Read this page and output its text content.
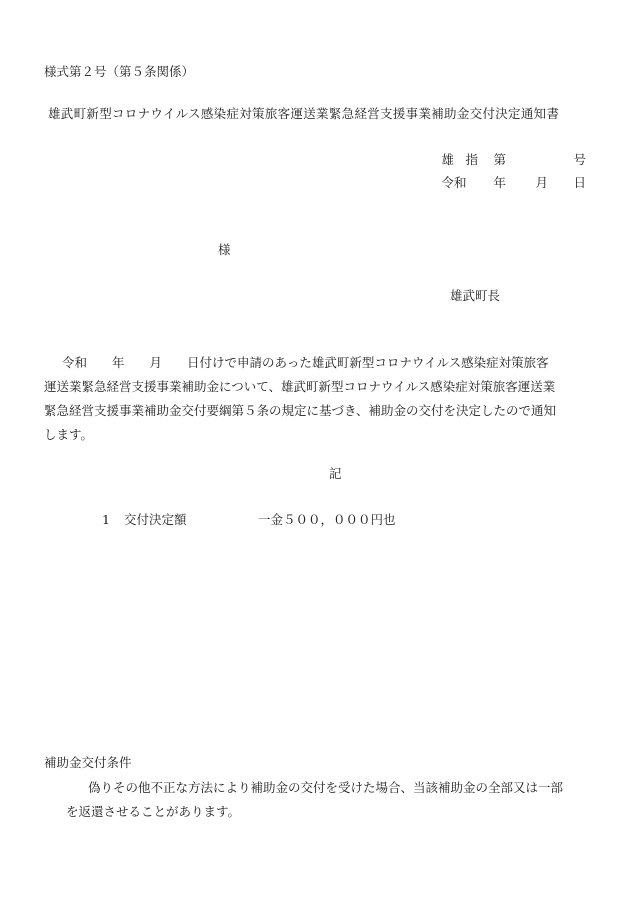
様式第２号（第５条関係）
雄武町新型コロナウイルス感染症対策旅客運送業緊急経営支援事業補助金交付決定通知書
雄 指	第	号
令和	年	月	日
様
雄武町長
令和　　年　　月　　日付けで申請のあった雄武町新型コロナウイルス感染症対策旅客
運送業緊急経営支援事業補助金について、雄武町新型コロナウイルス感染症対策旅客運送業
緊急経営支援事業補助金交付要綱第５条の規定に基づき、補助金の交付を決定したので通知
します。
記
1 交付決定額	一金５００，０００円也
補助金交付条件
偽りその他不正な方法により補助金の交付を受けた場合、当該補助金の全部又は一部
を返還させることがあります。
